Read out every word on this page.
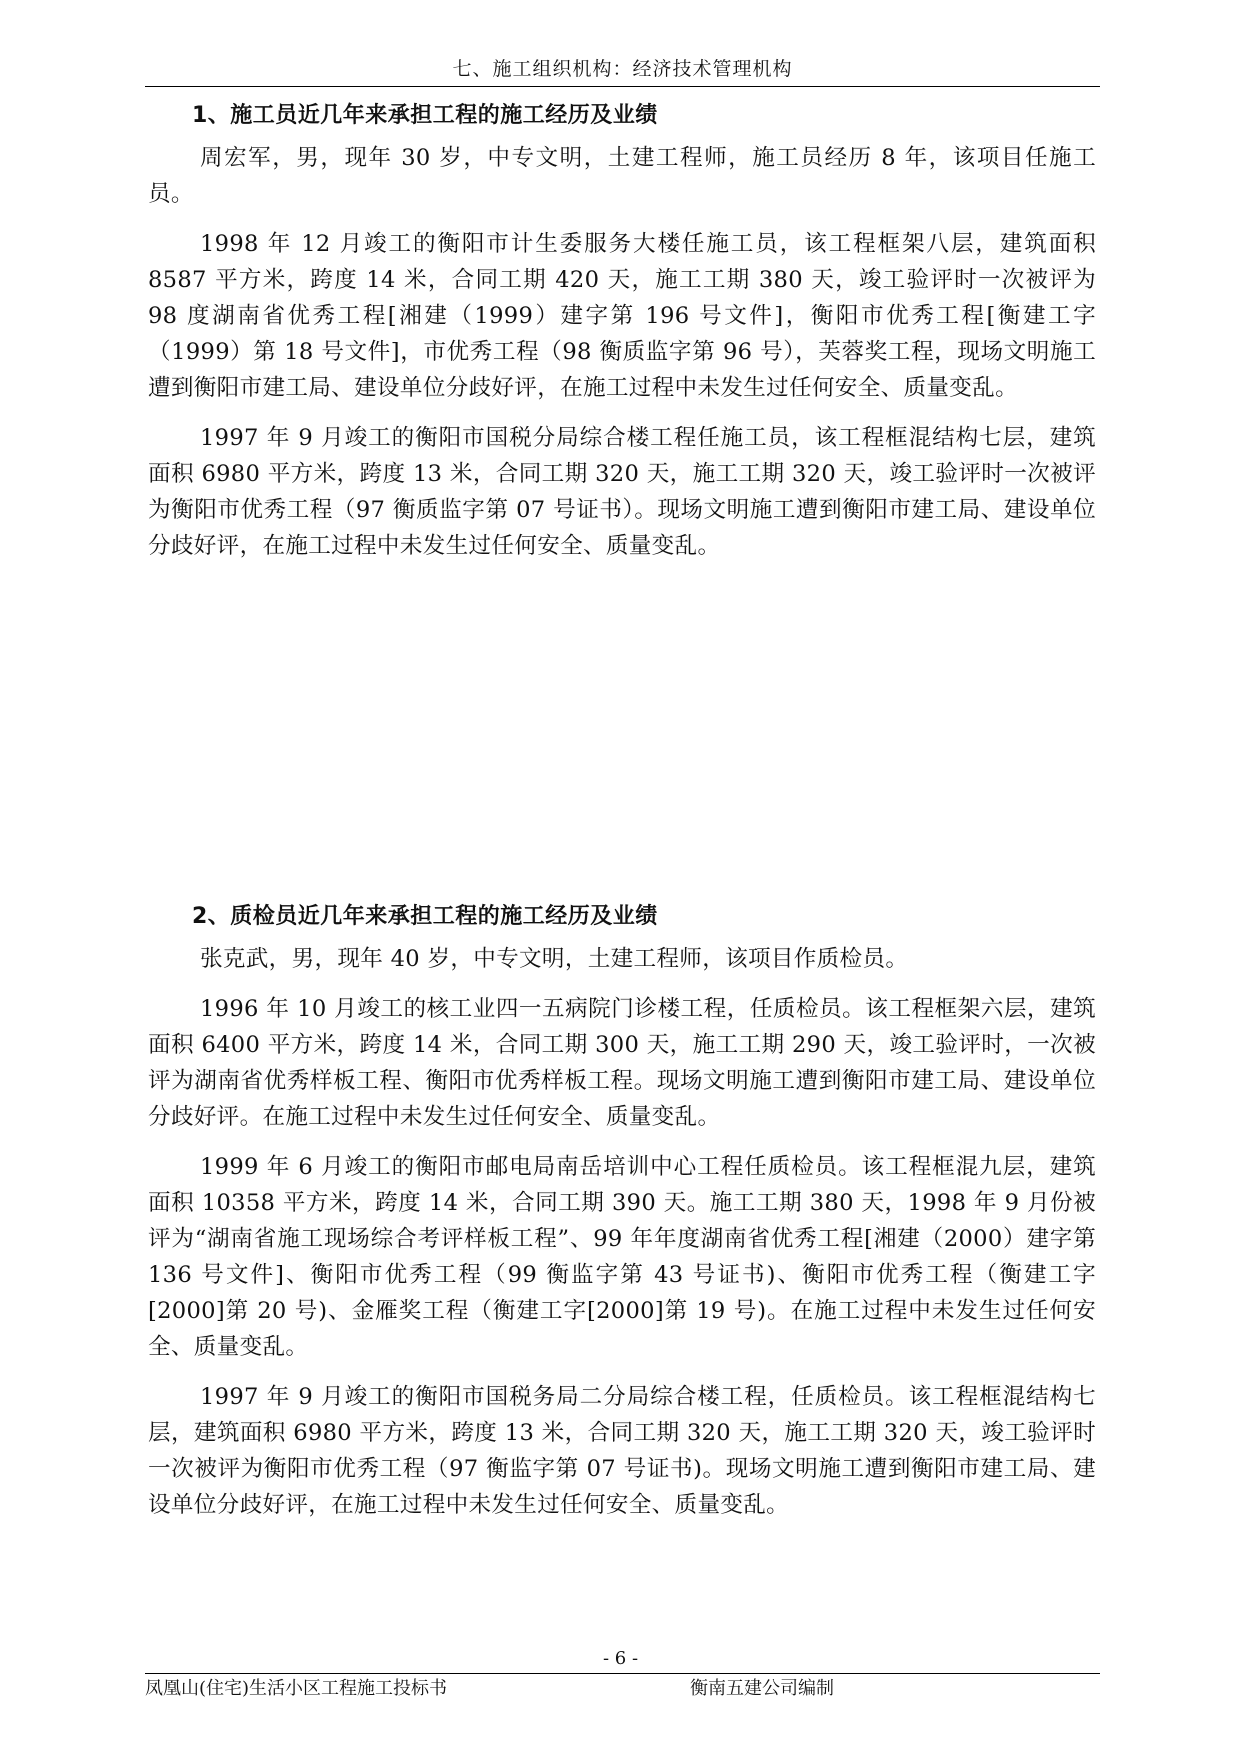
七、施工组织机构：经济技术管理机构
1、施工员近几年来承担工程的施工经历及业绩

周宏军，男，现年 30 岁，中专文明，土建工程师，施工员经历 8 年，该项目任施工员。

1998 年 12 月竣工的衡阳市计生委服务大楼任施工员，该工程框架八层，建筑面积 8587 平方米，跨度 14 米，合同工期 420 天，施工工期 380 天，竣工验评时一次被评为 98 度湖南省优秀工程[湘建（1999）建字第 196 号文件]，衡阳市优秀工程[衡建工字（1999）第 18 号文件]，市优秀工程（98 衡质监字第 96 号），芙蓉奖工程，现场文明施工遭到衡阳市建工局、建设单位分歧好评，在施工过程中未发生过任何安全、质量变乱。

1997 年 9 月竣工的衡阳市国税分局综合楼工程任施工员，该工程框混结构七层，建筑面积 6980 平方米，跨度 13 米，合同工期 320 天，施工工期 320 天，竣工验评时一次被评为衡阳市优秀工程（97 衡质监字第 07 号证书）。现场文明施工遭到衡阳市建工局、建设单位分歧好评，在施工过程中未发生过任何安全、质量变乱。

2、质检员近几年来承担工程的施工经历及业绩

张克武，男，现年 40 岁，中专文明，土建工程师，该项目作质检员。

1996 年 10 月竣工的核工业四一五病院门诊楼工程，任质检员。该工程框架六层，建筑面积 6400 平方米，跨度 14 米，合同工期 300 天，施工工期 290 天，竣工验评时，一次被评为湖南省优秀样板工程、衡阳市优秀样板工程。现场文明施工遭到衡阳市建工局、建设单位分歧好评。在施工过程中未发生过任何安全、质量变乱。

1999 年 6 月竣工的衡阳市邮电局南岳培训中心工程任质检员。该工程框混九层，建筑面积 10358 平方米，跨度 14 米，合同工期 390 天。施工工期 380 天，1998 年 9 月份被评为“湖南省施工现场综合考评样板工程”、99 年年度湖南省优秀工程[湘建（2000）建字第 136 号文件]、衡阳市优秀工程（99 衡监字第 43 号证书)、衡阳市优秀工程（衡建工字[2000]第 20 号)、金雁奖工程（衡建工字[2000]第 19 号)。在施工过程中未发生过任何安全、质量变乱。

1997 年 9 月竣工的衡阳市国税务局二分局综合楼工程，任质检员。该工程框混结构七层，建筑面积 6980 平方米，跨度 13 米，合同工期 320 天，施工工期 320 天，竣工验评时一次被评为衡阳市优秀工程（97 衡监字第 07 号证书)。现场文明施工遭到衡阳市建工局、建设单位分歧好评，在施工过程中未发生过任何安全、质量变乱。

- 6 -
凤凰山(住宅)生活小区工程施工投标书	衡南五建公司编制
